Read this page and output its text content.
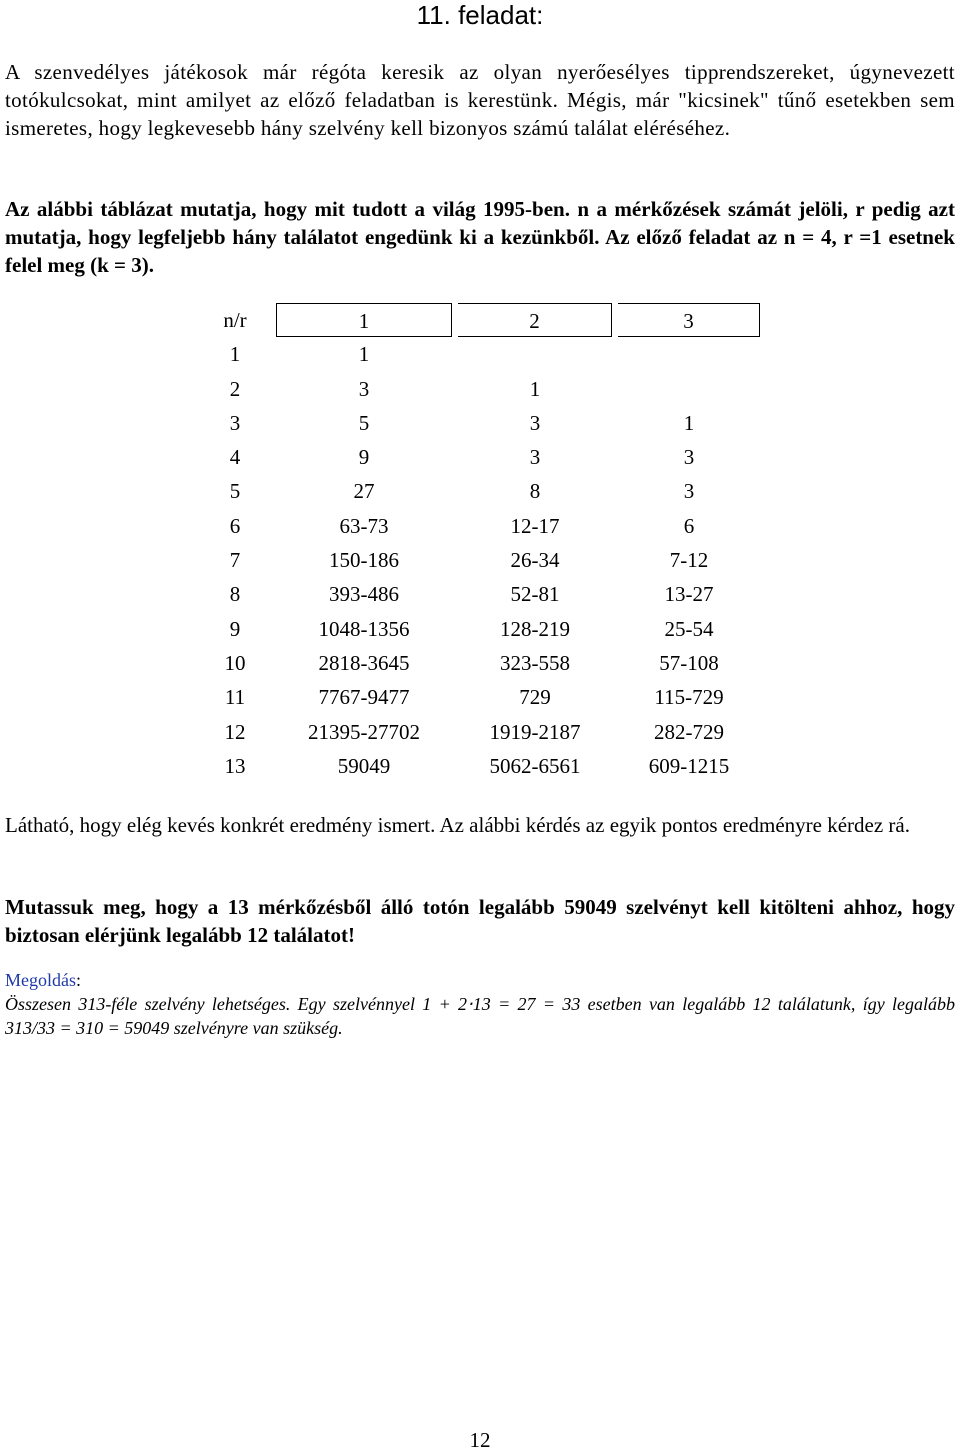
11. feladat:
A szenvedélyes játékosok már régóta keresik az olyan nyerőesélyes tipprendszereket, úgynevezett totókulcsokat, mint amilyet az előző feladatban is kerestünk. Mégis, már "kicsinek" tűnő esetekben sem ismeretes, hogy legkevesebb hány szelvény kell bizonyos számú találat eléréséhez.
Az alábbi táblázat mutatja, hogy mit tudott a világ 1995-ben. n a mérkőzések számát jelöli, r pedig azt mutatja, hogy legfeljebb hány találatot engedünk ki a kezünkből. Az előző feladat az n = 4, r =1 esetnek felel meg (k = 3).
n/r	1	2	3
1	1
2	3	1
3	5	3	1
4	9	3	3
5	27	8	3
6	63-73	12-17	6
7	150-186	26-34	7-12
8	393-486	52-81	13-27
9	1048-1356	128-219	25-54
10	2818-3645	323-558	57-108
11	7767-9477	729	115-729
12	21395-27702	1919-2187	282-729
13	59049	5062-6561	609-1215
Látható, hogy elég kevés konkrét eredmény ismert. Az alábbi kérdés az egyik pontos eredményre kérdez rá.
Mutassuk meg, hogy a 13 mérkőzésből álló totón legalább 59049 szelvényt kell kitölteni ahhoz, hogy biztosan elérjünk legalább 12 találatot!
Megoldás:
Összesen 313-féle szelvény lehetséges. Egy szelvénnyel 1 + 2⋅13 = 27 = 33 esetben van legalább 12 találatunk, így legalább 313/33 = 310 = 59049 szelvényre van szükség.
12
